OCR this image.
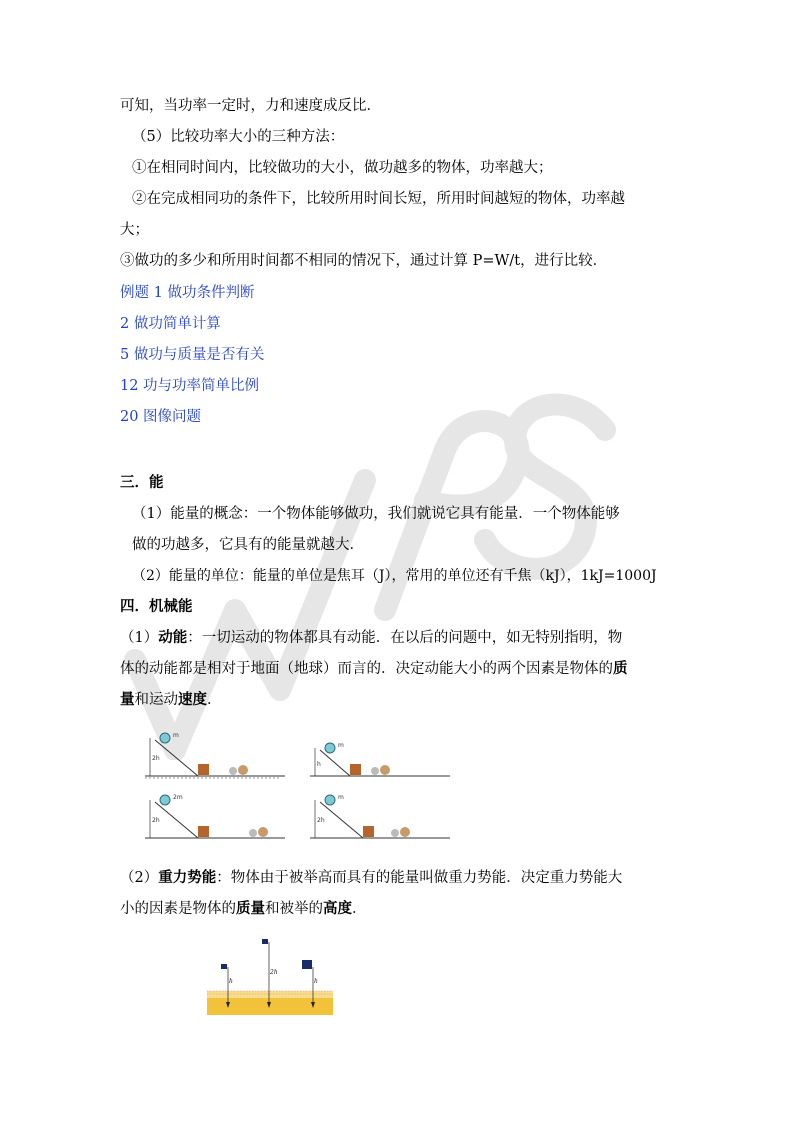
可知，当功率一定时，力和速度成反比．
（5）比较功率大小的三种方法：
①在相同时间内，比较做功的大小，做功越多的物体，功率越大；
②在完成相同功的条件下，比较所用时间长短，所用时间越短的物体，功率越
大；
③做功的多少和所用时间都不相同的情况下，通过计算 P=W/t，进行比较．
例题 1 做功条件判断
2 做功简单计算
5 做功与质量是否有关
12 功与功率简单比例
20 图像问题
三．能
（1）能量的概念：一个物体能够做功，我们就说它具有能量．一个物体能够
做的功越多，它具有的能量就越大．
（2）能量的单位：能量的单位是焦耳（J），常用的单位还有千焦（kJ），1kJ=1000J
四．机械能
（1）动能：一切运动的物体都具有动能．在以后的问题中，如无特别指明，物
体的动能都是相对于地面（地球）而言的．决定动能大小的两个因素是物体的质
量和运动速度．
m
2h
m
h
2m
2h
m
2h
（2）重力势能：物体由于被举高而具有的能量叫做重力势能．决定重力势能大
小的因素是物体的质量和被举的高度．
h
2h
h
